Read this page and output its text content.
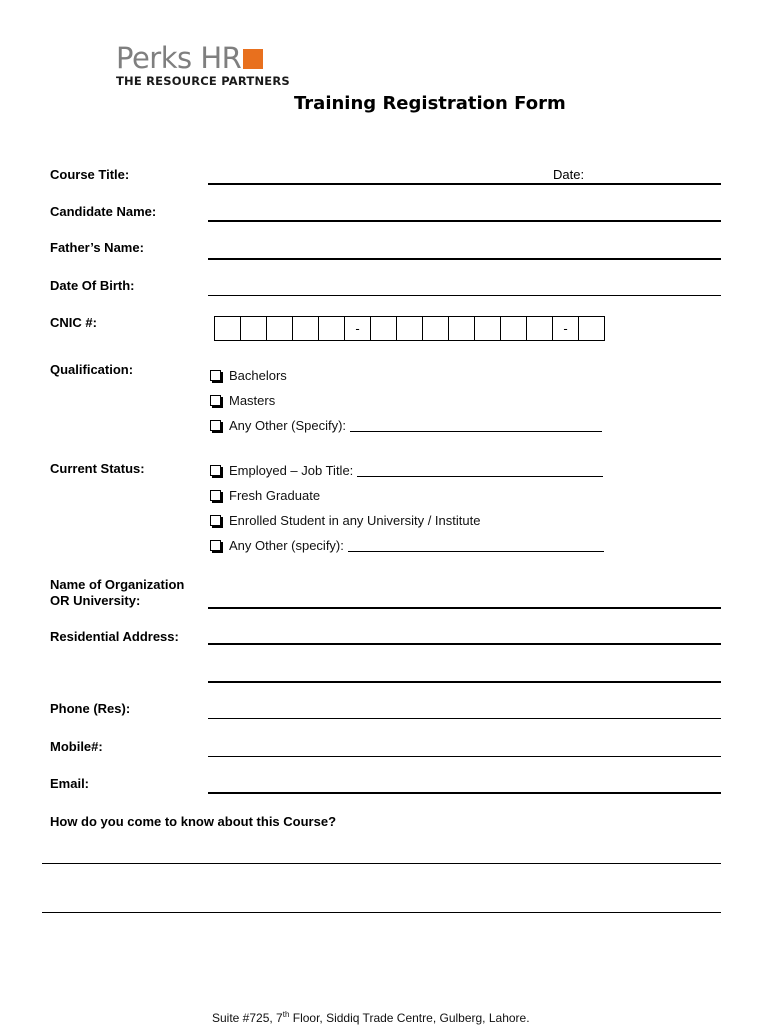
Perks HR
THE RESOURCE PARTNERS
Training Registration Form
Course Title:	Date:
Candidate Name:
Father’s Name:
Date Of Birth:
CNIC #:	-	-
Qualification:	Bachelors
Masters
Any Other (Specify):
Current Status:	Employed – Job Title:
Fresh Graduate
Enrolled Student in any University / Institute
Any Other (specify):
Name of Organization
OR University:
Residential Address:
Phone (Res):
Mobile#:
Email:
How do you come to know about this Course?
Suite #725, 7th Floor, Siddiq Trade Centre, Gulberg, Lahore.
